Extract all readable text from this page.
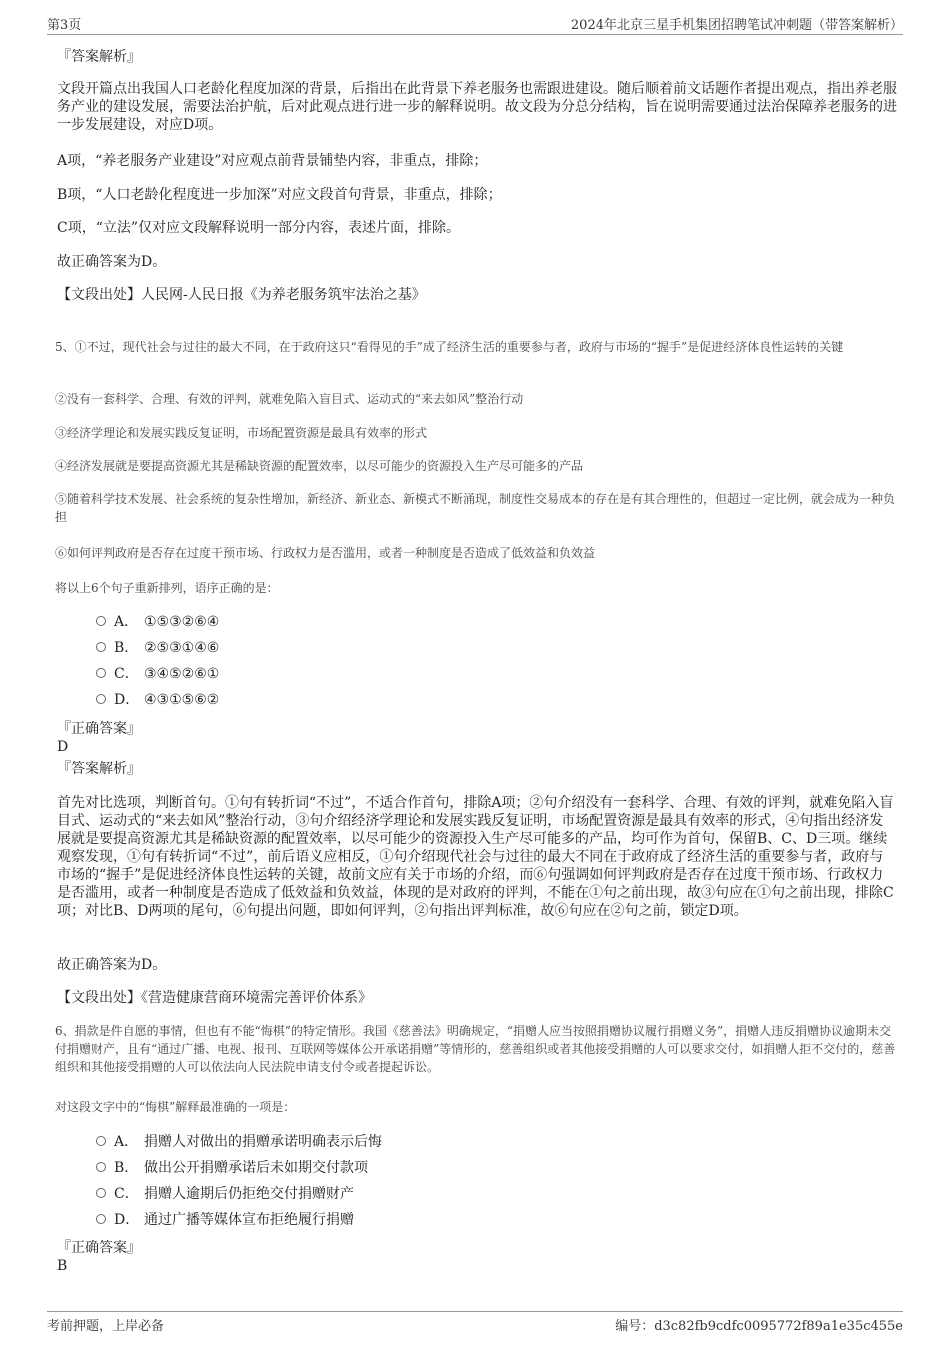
第3页	2024年北京三星手机集团招聘笔试冲刺题（带答案解析）
『答案解析』
文段开篇点出我国人口老龄化程度加深的背景，后指出在此背景下养老服务也需跟进建设。随后顺着前文话题作者提出观点，指出养老服务产业的建设发展，需要法治护航，后对此观点进行进一步的解释说明。故文段为分总分结构，旨在说明需要通过法治保障养老服务的进一步发展建设，对应D项。
A项，“养老服务产业建设”对应观点前背景铺垫内容，非重点，排除；
B项，“人口老龄化程度进一步加深”对应文段首句背景，非重点，排除；
C项，“立法”仅对应文段解释说明一部分内容，表述片面，排除。
故正确答案为D。
【文段出处】人民网-人民日报《为养老服务筑牢法治之基》
5、①不过，现代社会与过往的最大不同，在于政府这只“看得见的手”成了经济生活的重要参与者，政府与市场的“握手”是促进经济体良性运转的关键
②没有一套科学、合理、有效的评判，就难免陷入盲目式、运动式的“来去如风”整治行动
③经济学理论和发展实践反复证明，市场配置资源是最具有效率的形式
④经济发展就是要提高资源尤其是稀缺资源的配置效率，以尽可能少的资源投入生产尽可能多的产品
⑤随着科学技术发展、社会系统的复杂性增加，新经济、新业态、新模式不断涌现，制度性交易成本的存在是有其合理性的，但超过一定比例，就会成为一种负担
⑥如何评判政府是否存在过度干预市场、行政权力是否滥用，或者一种制度是否造成了低效益和负效益
将以上6个句子重新排列，语序正确的是：
A． ①⑤③②⑥④
B． ②⑤③①④⑥
C． ③④⑤②⑥①
D． ④③①⑤⑥②
『正确答案』
D
『答案解析』
首先对比选项，判断首句。①句有转折词“不过”，不适合作首句，排除A项；②句介绍没有一套科学、合理、有效的评判，就难免陷入盲目式、运动式的“来去如风”整治行动，③句介绍经济学理论和发展实践反复证明，市场配置资源是最具有效率的形式，④句指出经济发展就是要提高资源尤其是稀缺资源的配置效率，以尽可能少的资源投入生产尽可能多的产品，均可作为首句，保留B、C、D三项。继续观察发现，①句有转折词“不过”，前后语义应相反，①句介绍现代社会与过往的最大不同在于政府成了经济生活的重要参与者，政府与市场的“握手”是促进经济体良性运转的关键，故前文应有关于市场的介绍，而⑥句强调如何评判政府是否存在过度干预市场、行政权力是否滥用，或者一种制度是否造成了低效益和负效益，体现的是对政府的评判，不能在①句之前出现，故③句应在①句之前出现，排除C项；对比B、D两项的尾句，⑥句提出问题，即如何评判，②句指出评判标准，故⑥句应在②句之前，锁定D项。
故正确答案为D。
【文段出处】《营造健康营商环境需完善评价体系》
6、捐款是件自愿的事情，但也有不能“悔棋”的特定情形。我国《慈善法》明确规定，“捐赠人应当按照捐赠协议履行捐赠义务”，捐赠人违反捐赠协议逾期未交付捐赠财产，且有“通过广播、电视、报刊、互联网等媒体公开承诺捐赠”等情形的，慈善组织或者其他接受捐赠的人可以要求交付，如捐赠人拒不交付的，慈善组织和其他接受捐赠的人可以依法向人民法院申请支付令或者提起诉讼。
对这段文字中的“悔棋”解释最准确的一项是：
A． 捐赠人对做出的捐赠承诺明确表示后悔
B． 做出公开捐赠承诺后未如期交付款项
C． 捐赠人逾期后仍拒绝交付捐赠财产
D． 通过广播等媒体宣布拒绝履行捐赠
『正确答案』
B
考前押题，上岸必备	编号：d3c82fb9cdfc0095772f89a1e35c455e
